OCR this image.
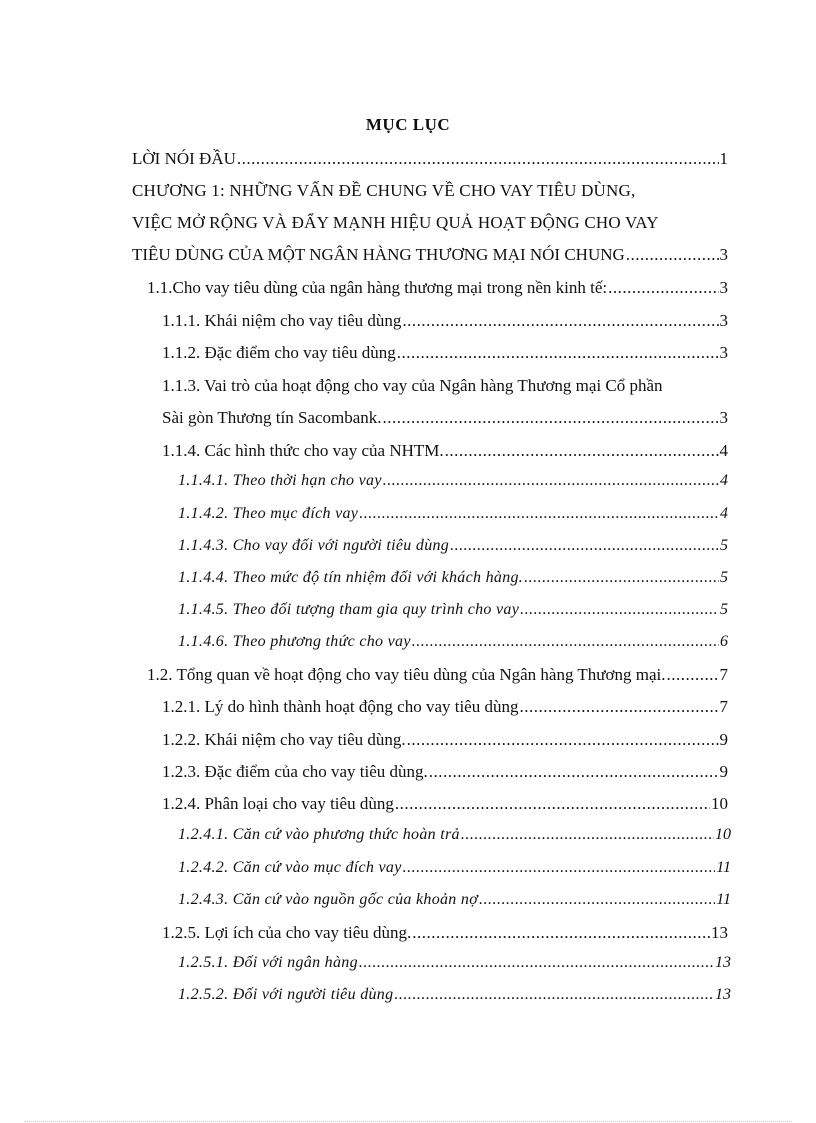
MỤC LỤC
LỜI NÓI ĐẦU .....	1
CHƯƠNG 1: NHỮNG VẤN ĐỀ CHUNG VỀ CHO VAY TIÊU DÙNG,
VIỆC MỞ RỘNG VÀ ĐẨY MẠNH HIỆU QUẢ HOẠT ĐỘNG CHO VAY
TIÊU DÙNG CỦA MỘT NGÂN HÀNG THƯƠNG MẠI NÓI CHUNG .....	3
1.1.Cho vay tiêu dùng của ngân hàng thương mại trong nền kinh tế: .....	3
1.1.1. Khái niệm cho vay tiêu dùng .....	3
1.1.2. Đặc điểm cho vay tiêu dùng .....	3
1.1.3. Vai trò của hoạt động cho vay của Ngân hàng Thương mại Cổ phần
Sài gòn Thương tín Sacombank. .....	3
1.1.4. Các hình thức cho vay của NHTM. .....	4
1.1.4.1. Theo thời hạn cho vay .....	4
1.1.4.2. Theo mục đích vay .....	4
1.1.4.3. Cho vay đối với người tiêu dùng .....	5
1.1.4.4. Theo mức độ tín nhiệm đối với khách hàng. .....	5
1.1.4.5. Theo đối tượng tham gia quy trình cho vay .....	5
1.1.4.6. Theo phương thức cho vay .....	6
1.2. Tổng quan về hoạt động cho vay tiêu dùng của Ngân hàng Thương mại. .....	7
1.2.1. Lý do hình thành hoạt động cho vay tiêu dùng .....	7
1.2.2. Khái niệm cho vay tiêu dùng. .....	9
1.2.3. Đặc điểm của cho vay tiêu dùng. .....	9
1.2.4. Phân loại cho vay tiêu dùng .....	10
1.2.4.1. Căn cứ vào phương thức hoàn trả .....	10
1.2.4.2. Căn cứ vào mục đích vay .....	11
1.2.4.3. Căn cứ vào nguồn gốc của khoản nợ .....	11
1.2.5. Lợi ích của cho vay tiêu dùng. .....	13
1.2.5.1. Đối với ngân hàng .....	13
1.2.5.2. Đối với người tiêu dùng .....	13
